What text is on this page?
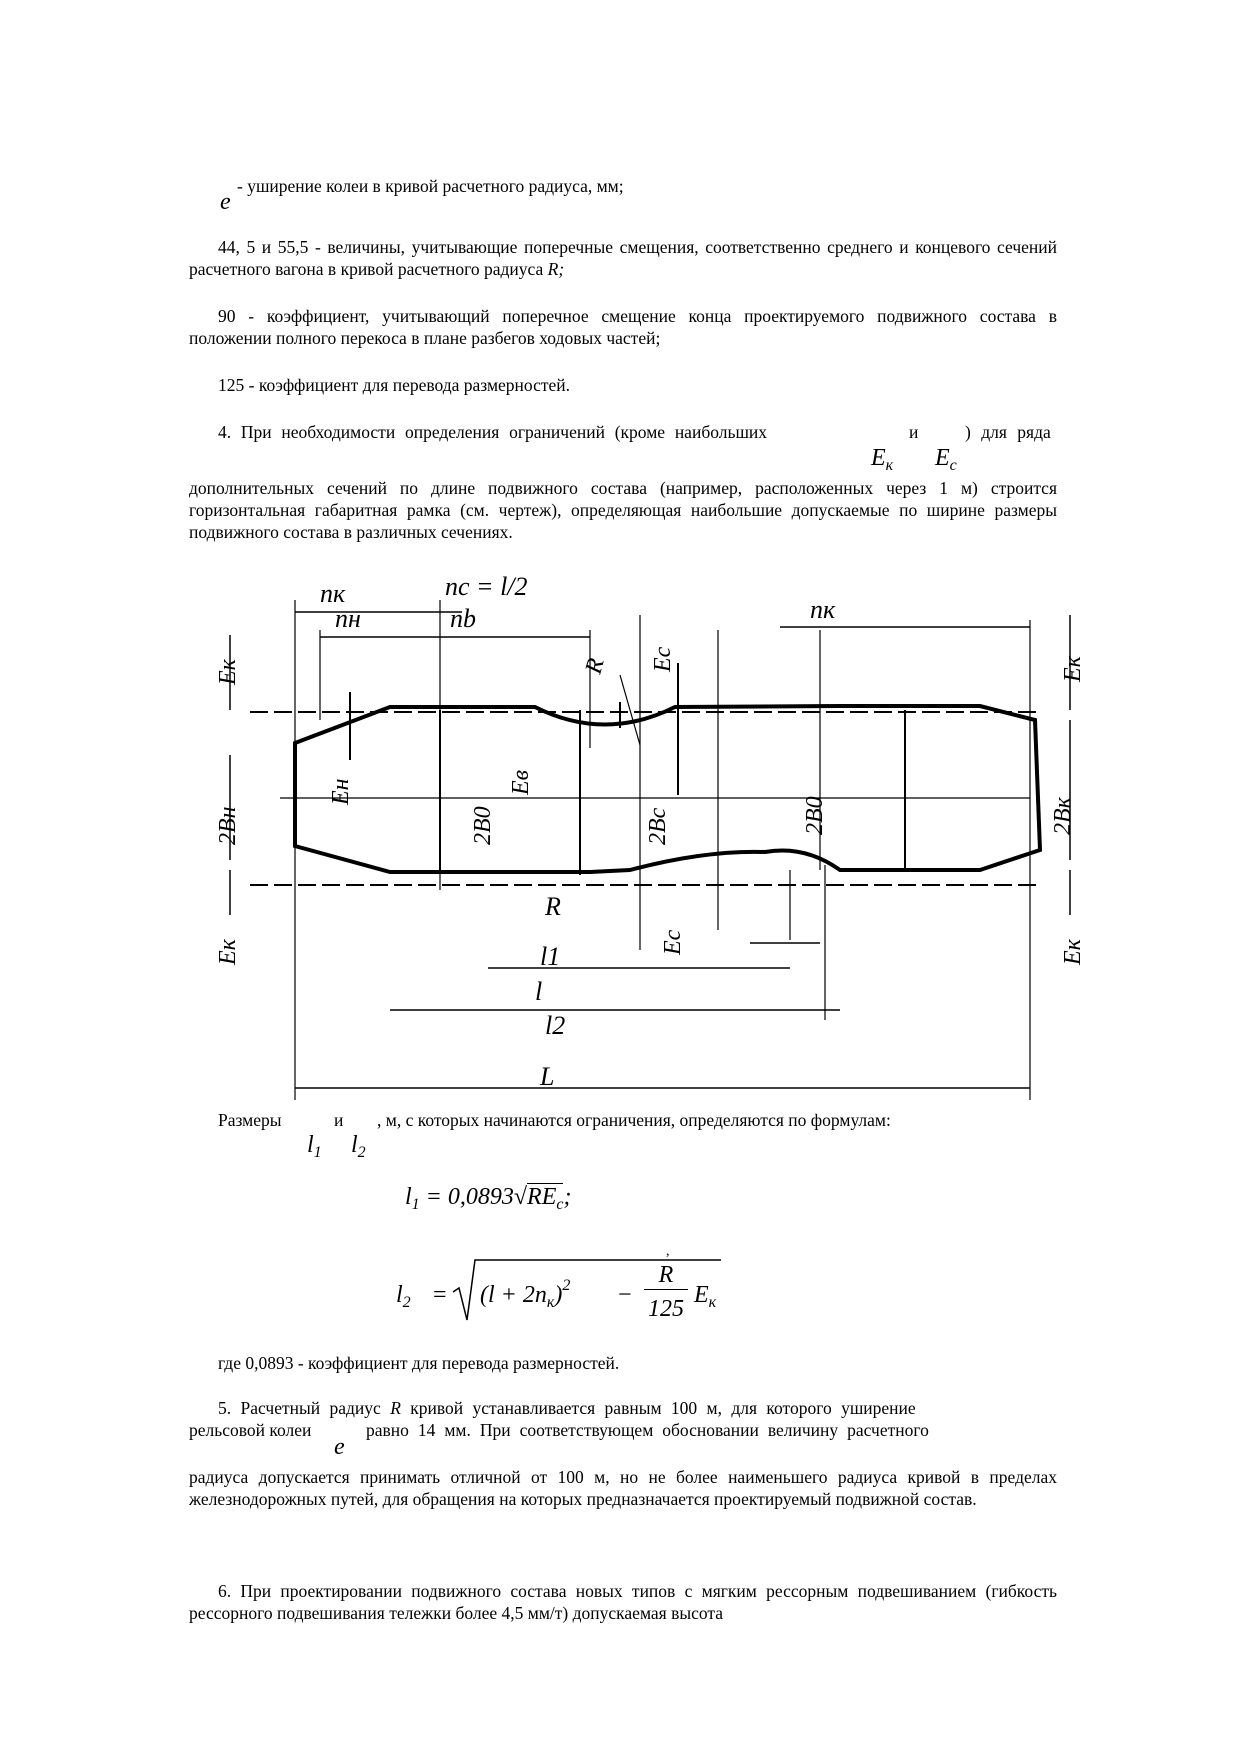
e
- уширение колеи в кривой расчетного радиуса, мм;
44, 5 и 55,5 - величины, учитывающие поперечные смещения, соответственно среднего и концевого сечений расчетного вагона в кривой расчетного радиуса R;
90 - коэффициент, учитывающий поперечное смещение конца проектируемого подвижного состава в положении полного перекоса в плане разбегов ходовых частей;
125 - коэффициент для перевода размерностей.
4. При необходимости определения ограничений (кроме наибольших	и	) для ряда
$E_к$ $E_с$
дополнительных сечений по длине подвижного состава (например, расположенных через 1 м) строится горизонтальная габаритная рамка (см. чертеж), определяющая наибольшие допускаемые по ширине размеры подвижного состава в различных сечениях.
nк	nс = l/2
nн	nb	nк
l1
l
l2
L
R
R Eс
Eк	Eк
Eн	Eв
2Bн	2B0	2Bс	2B0	2Bк
Eс
Eк	Eк
Размеры	и , м, с которых начинаются ограничения, определяются по формулам:
$l_1$ $l_2$
$l_1 = 0,0893√RE_c$;
$l_2 = (l + 2n_к)^2$ −
R
125
$E_к$
,
где 0,0893 - коэффициент для перевода размерностей.
5. Расчетный радиус R кривой устанавливается равным 100 м, для которого уширение
рельсовой колеи
e
равно 14 мм. При соответствующем обосновании величину расчетного
радиуса допускается принимать отличной от 100 м, но не более наименьшего радиуса кривой в пределах железнодорожных путей, для обращения на которых предназначается проектируемый подвижной состав.
6. При проектировании подвижного состава новых типов с мягким рессорным подвешиванием (гибкость рессорного подвешивания тележки более 4,5 мм/т) допускаемая высота
